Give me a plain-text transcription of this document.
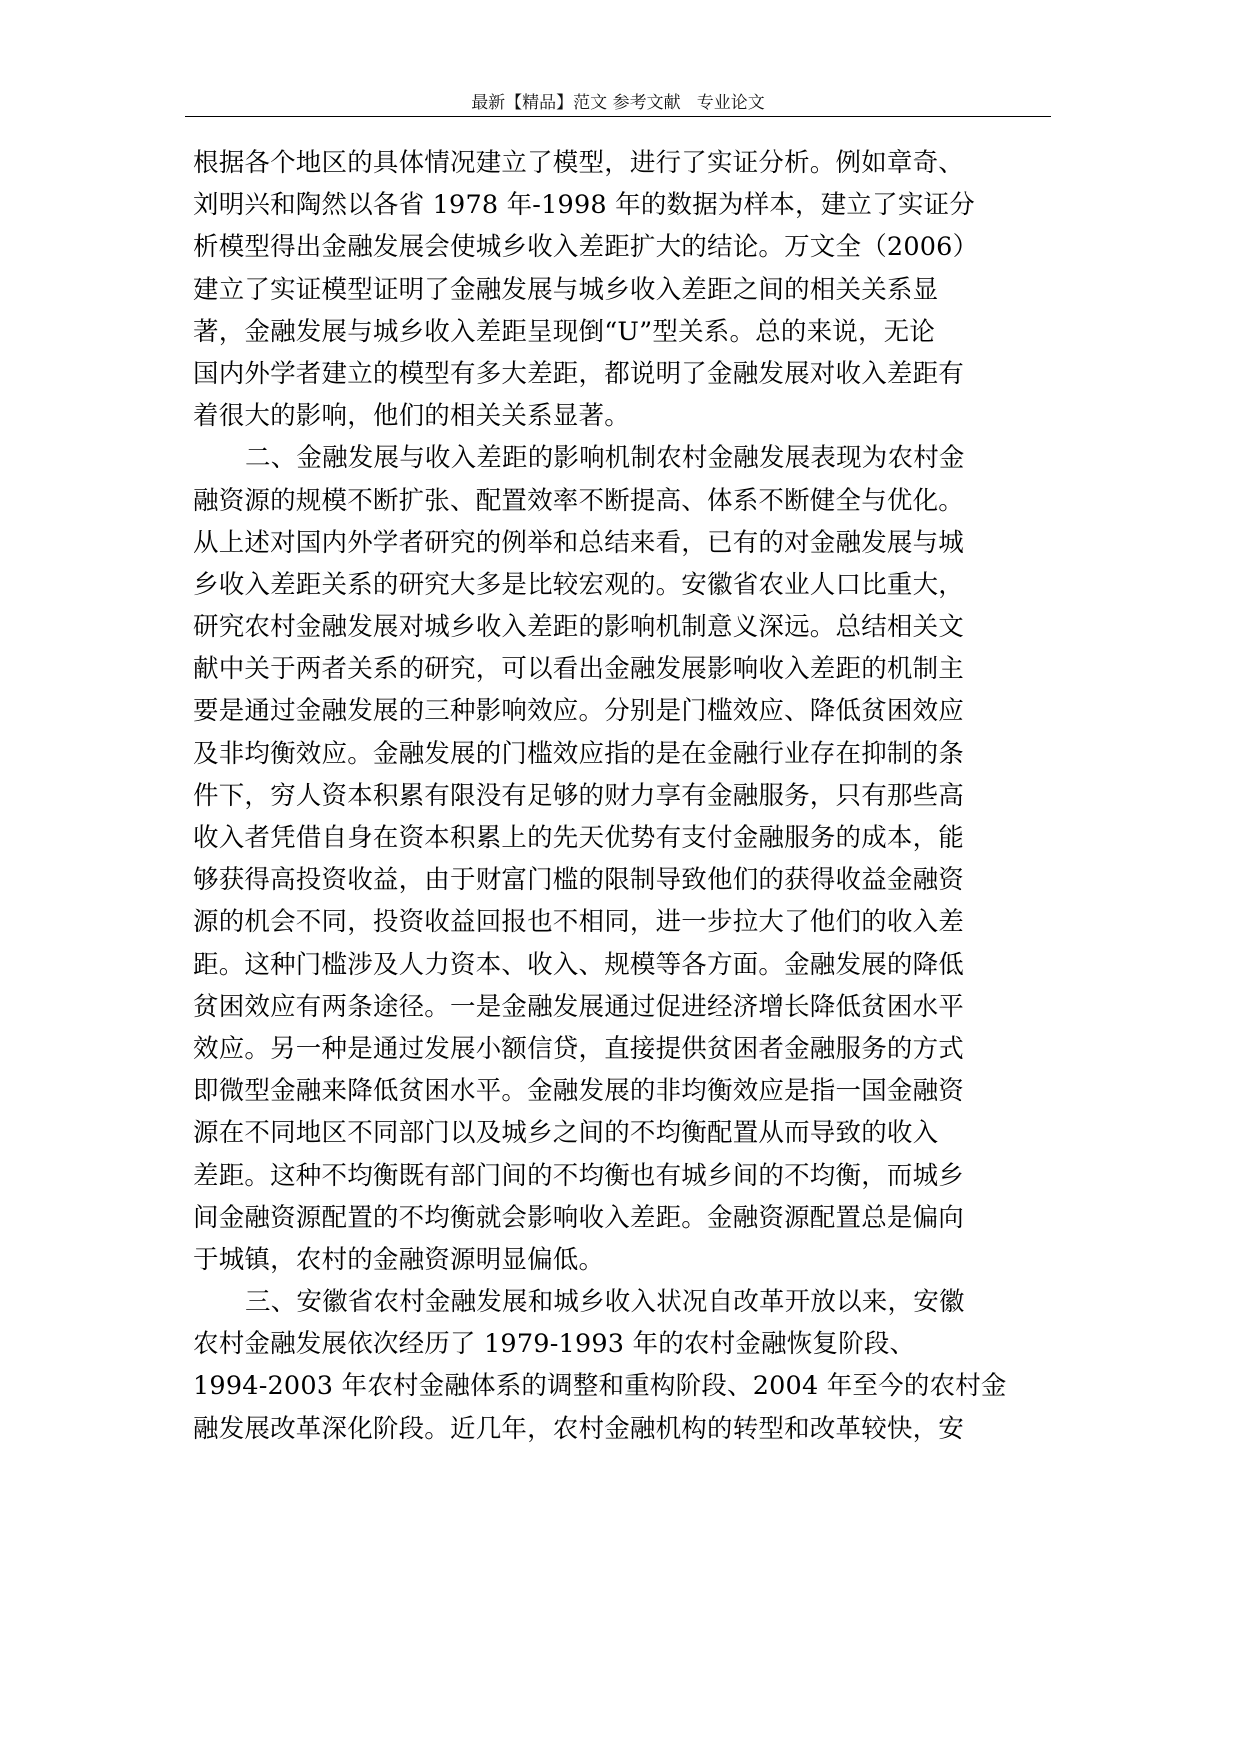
最新【精品】范文 参考文献   专业论文
根据各个地区的具体情况建立了模型，进行了实证分析。例如章奇、
刘明兴和陶然以各省 1978 年-1998 年的数据为样本，建立了实证分
析模型得出金融发展会使城乡收入差距扩大的结论。万文全（2006）
建立了实证模型证明了金融发展与城乡收入差距之间的相关关系显
著，金融发展与城乡收入差距呈现倒“U”型关系。总的来说，无论
国内外学者建立的模型有多大差距，都说明了金融发展对收入差距有
着很大的影响，他们的相关关系显著。
二、金融发展与收入差距的影响机制农村金融发展表现为农村金
融资源的规模不断扩张、配置效率不断提高、体系不断健全与优化。
从上述对国内外学者研究的例举和总结来看，已有的对金融发展与城
乡收入差距关系的研究大多是比较宏观的。安徽省农业人口比重大，
研究农村金融发展对城乡收入差距的影响机制意义深远。总结相关文
献中关于两者关系的研究，可以看出金融发展影响收入差距的机制主
要是通过金融发展的三种影响效应。分别是门槛效应、降低贫困效应
及非均衡效应。金融发展的门槛效应指的是在金融行业存在抑制的条
件下，穷人资本积累有限没有足够的财力享有金融服务，只有那些高
收入者凭借自身在资本积累上的先天优势有支付金融服务的成本，能
够获得高投资收益，由于财富门槛的限制导致他们的获得收益金融资
源的机会不同，投资收益回报也不相同，进一步拉大了他们的收入差
距。这种门槛涉及人力资本、收入、规模等各方面。金融发展的降低
贫困效应有两条途径。一是金融发展通过促进经济增长降低贫困水平
效应。另一种是通过发展小额信贷，直接提供贫困者金融服务的方式
即微型金融来降低贫困水平。金融发展的非均衡效应是指一国金融资
源在不同地区不同部门以及城乡之间的不均衡配置从而导致的收入
差距。这种不均衡既有部门间的不均衡也有城乡间的不均衡，而城乡
间金融资源配置的不均衡就会影响收入差距。金融资源配置总是偏向
于城镇，农村的金融资源明显偏低。
三、安徽省农村金融发展和城乡收入状况自改革开放以来，安徽
农村金融发展依次经历了 1979-1993 年的农村金融恢复阶段、
1994-2003 年农村金融体系的调整和重构阶段、2004 年至今的农村金
融发展改革深化阶段。近几年，农村金融机构的转型和改革较快，安
